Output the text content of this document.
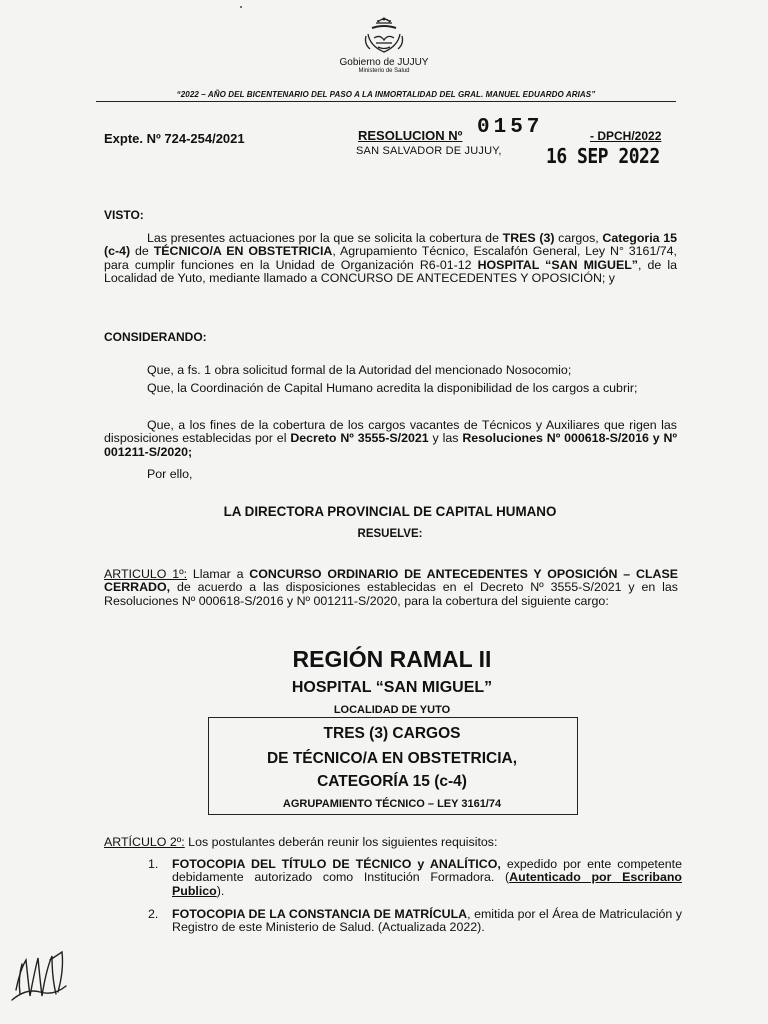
Gobierno de JUJUY
Ministerio de Salud
“2022 – AÑO DEL BICENTENARIO DEL PASO A LA INMORTALIDAD DEL GRAL. MANUEL EDUARDO ARIAS”
Expte. Nº 724-254/2021	RESOLUCION Nº 0157	- DPCH/2022
SAN SALVADOR DE JUJUY, 16 SEP 2022
VISTO:
Las presentes actuaciones por la que se solicita la cobertura de TRES (3) cargos, Categoria 15 (c-4) de TÉCNICO/A EN OBSTETRICIA, Agrupamiento Técnico, Escalafón General, Ley N° 3161/74, para cumplir funciones en la Unidad de Organización R6-01-12 HOSPITAL “SAN MIGUEL”, de la Localidad de Yuto, mediante llamado a CONCURSO DE ANTECEDENTES Y OPOSICIÓN; y
CONSIDERANDO:
Que, a fs. 1 obra solicitud formal de la Autoridad del mencionado Nosocomio;
Que, la Coordinación de Capital Humano acredita la disponibilidad de los cargos a cubrir;
Que, a los fines de la cobertura de los cargos vacantes de Técnicos y Auxiliares que rigen las disposiciones establecidas por el Decreto Nº 3555-S/2021 y las Resoluciones Nº 000618-S/2016 y Nº 001211-S/2020;
Por ello,
LA DIRECTORA PROVINCIAL DE CAPITAL HUMANO
RESUELVE:
ARTICULO 1º: Llamar a CONCURSO ORDINARIO DE ANTECEDENTES Y OPOSICIÓN – CLASE CERRADO, de acuerdo a las disposiciones establecidas en el Decreto Nº 3555-S/2021 y en las Resoluciones Nº 000618-S/2016 y Nº 001211-S/2020, para la cobertura del siguiente cargo:
REGIÓN RAMAL II
HOSPITAL “SAN MIGUEL”
LOCALIDAD DE YUTO
TRES (3) CARGOS
DE TÉCNICO/A EN OBSTETRICIA,
CATEGORÍA 15 (c-4)
AGRUPAMIENTO TÉCNICO – LEY 3161/74
ARTÍCULO 2º: Los postulantes deberán reunir los siguientes requisitos:
1. FOTOCOPIA DEL TÍTULO DE TÉCNICO y ANALÍTICO, expedido por ente competente debidamente autorizado como Institución Formadora. (Autenticado por Escribano Publico).
2. FOTOCOPIA DE LA CONSTANCIA DE MATRÍCULA, emitida por el Área de Matriculación y Registro de este Ministerio de Salud. (Actualizada 2022).
